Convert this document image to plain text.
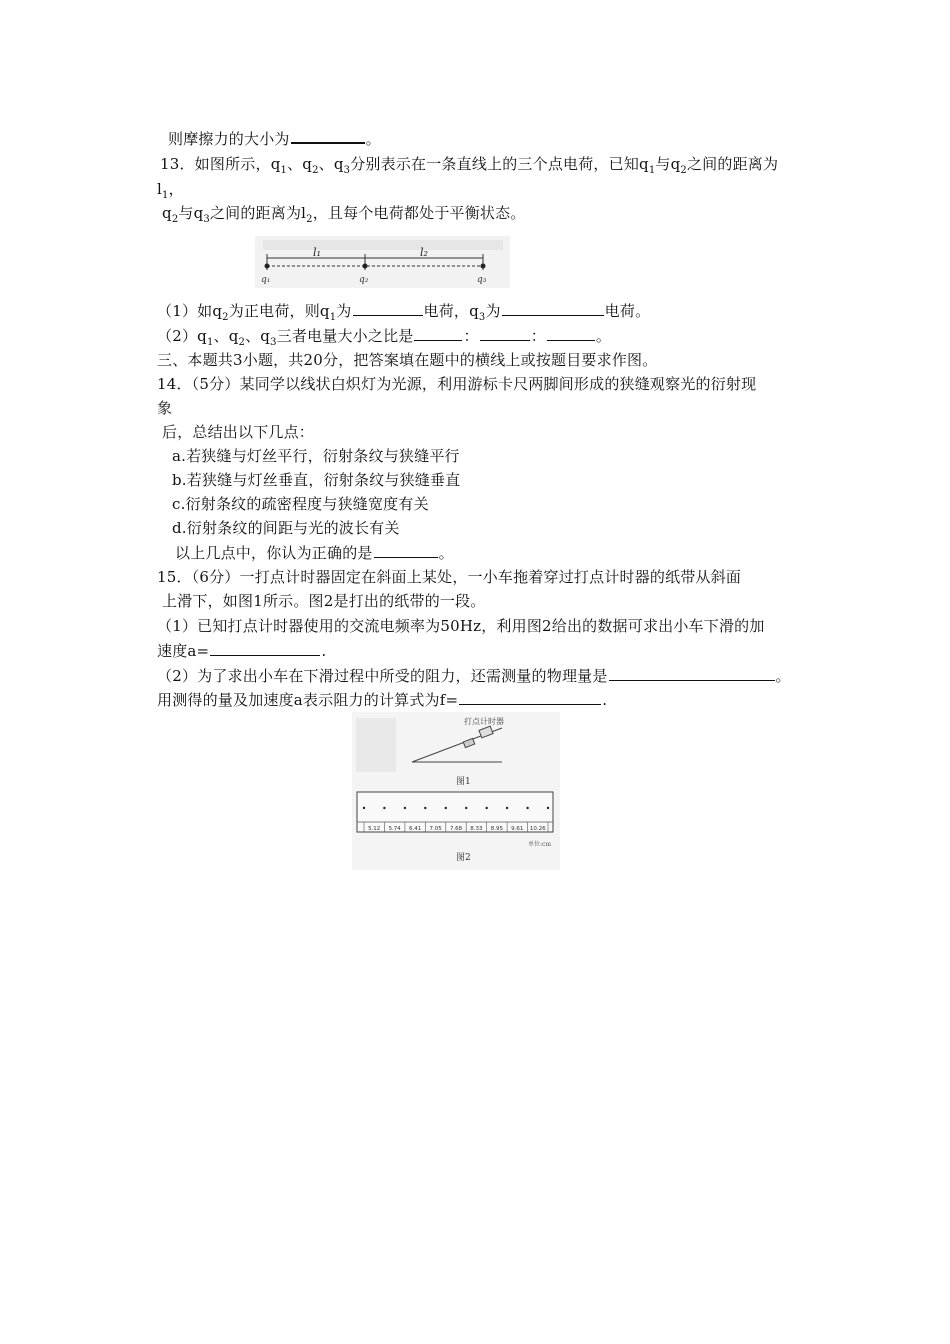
则摩擦力的大小为	。
13．如图所示，$q_1$、$q_2$、$q_3$分别表示在一条直线上的三个点电荷，已知$q_1$与$q_2$之间的距离为
$l_1$，
$q_2$与$q_3$之间的距离为$l_2$，且每个电荷都处于平衡状态。
l₁	l₂
q₁	q₂	q₃
（1）如$q_2$为正电荷，则$q_1$为	电荷，$q_3$为	电荷。
$(2)q_1$、$q_2$、$q_3$三者电量大小之比是	：	：	。
三、本题共3小题，共20分，把答案填在题中的横线上或按题目要求作图。
14．（5分）某同学以线状白炽灯为光源，利用游标卡尺两脚间形成的狭缝观察光的衍射现
象
后，总结出以下几点：
a.若狭缝与灯丝平行，衍射条纹与狭缝平行
b.若狭缝与灯丝垂直，衍射条纹与狭缝垂直
c.衍射条纹的疏密程度与狭缝宽度有关
d.衍射条纹的间距与光的波长有关
以上几点中，你认为正确的是	。
15．（6分）一打点计时器固定在斜面上某处，一小车拖着穿过打点计时器的纸带从斜面
上滑下，如图1所示。图2是打出的纸带的一段。
（1）已知打点计时器使用的交流电频率为50Hz，利用图2给出的数据可求出小车下滑的加
速度a=	.
（2）为了求出小车在下滑过程中所受的阻力，还需测量的物理量是	。
用测得的量及加速度a表示阻力的计算式为f=	.
打点计时器
图1
5.12 5.74 6.41 7.05 7.68 8.33 8.95 9.61 10.26
单位:cm
图2
